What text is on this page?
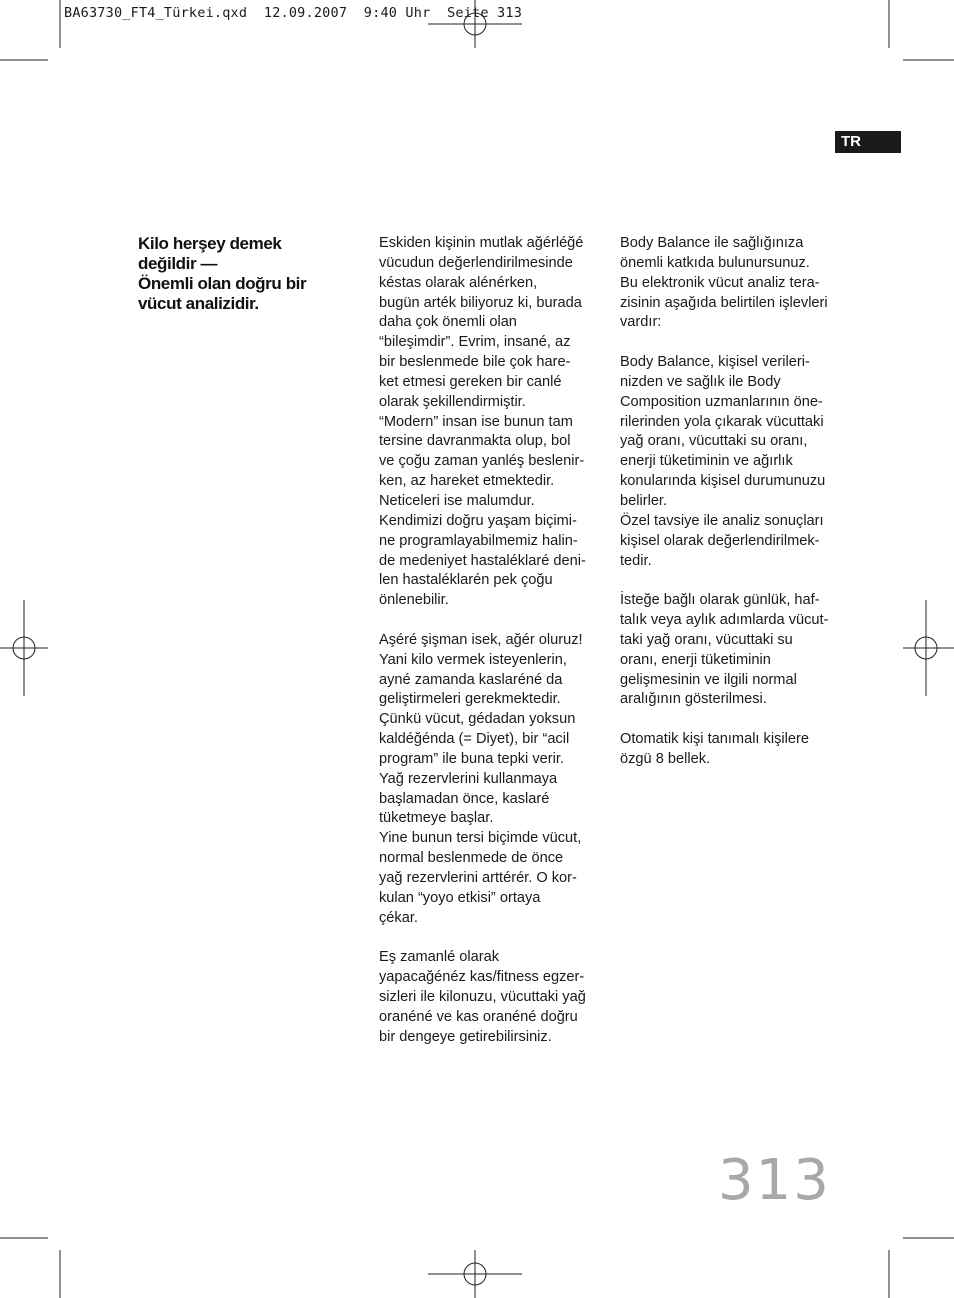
BA63730_FT4_Türkei.qxd  12.09.2007  9:40 Uhr  Seite 313
TR
Kilo herşey demek
değildir —
Önemli olan doğru bir
vücut analizidir.
Eskiden kişinin mutlak ağérléğé
vücudun değerlendirilmesinde
késtas olarak alénérken,
bugün arték biliyoruz ki, burada
daha çok önemli olan
“bileşimdir”. Evrim, insané, az
bir beslenmede bile çok hare-
ket etmesi gereken bir canlé
olarak şekillendirmiştir.
“Modern” insan ise bunun tam
tersine davranmakta olup, bol
ve çoğu zaman yanléş beslenir-
ken, az hareket etmektedir.
Neticeleri ise malumdur.
Kendimizi doğru yaşam biçimi-
ne programlayabilmemiz halin-
de medeniyet hastaléklaré deni-
len hastaléklarén pek çoğu
önlenebilir.
Aşéré şişman isek, ağér oluruz!
Yani kilo vermek isteyenlerin,
ayné zamanda kaslaréné da
geliştirmeleri gerekmektedir.
Çünkü vücut, gédadan yoksun
kaldéğénda (= Diyet), bir “acil
program” ile buna tepki verir.
Yağ rezervlerini kullanmaya
başlamadan önce, kaslaré
tüketmeye başlar.
Yine bunun tersi biçimde vücut,
normal beslenmede de önce
yağ rezervlerini arttérér. O kor-
kulan “yoyo etkisi” ortaya
çékar.
Eş zamanlé olarak
yapacağénéz kas/fitness egzer-
sizleri ile kilonuzu, vücuttaki yağ
oranéné ve kas oranéné doğru
bir dengeye getirebilirsiniz.
Body Balance ile sağlığınıza
önemli katkıda bulunursunuz.
Bu elektronik vücut analiz tera-
zisinin aşağıda belirtilen işlevleri
vardır:
Body Balance, kişisel verileri-
nizden ve sağlık ile Body
Composition uzmanlarının öne-
rilerinden yola çıkarak vücuttaki
yağ oranı, vücuttaki su oranı,
enerji tüketiminin ve ağırlık
konularında kişisel durumunuzu
belirler.
Özel tavsiye ile analiz sonuçları
kişisel olarak değerlendirilmek-
tedir.
İsteğe bağlı olarak günlük, haf-
talık veya aylık adımlarda vücut-
taki yağ oranı, vücuttaki su
oranı, enerji tüketiminin
gelişmesinin ve ilgili normal
aralığının gösterilmesi.
Otomatik kişi tanımalı kişilere
özgü 8 bellek.
313
